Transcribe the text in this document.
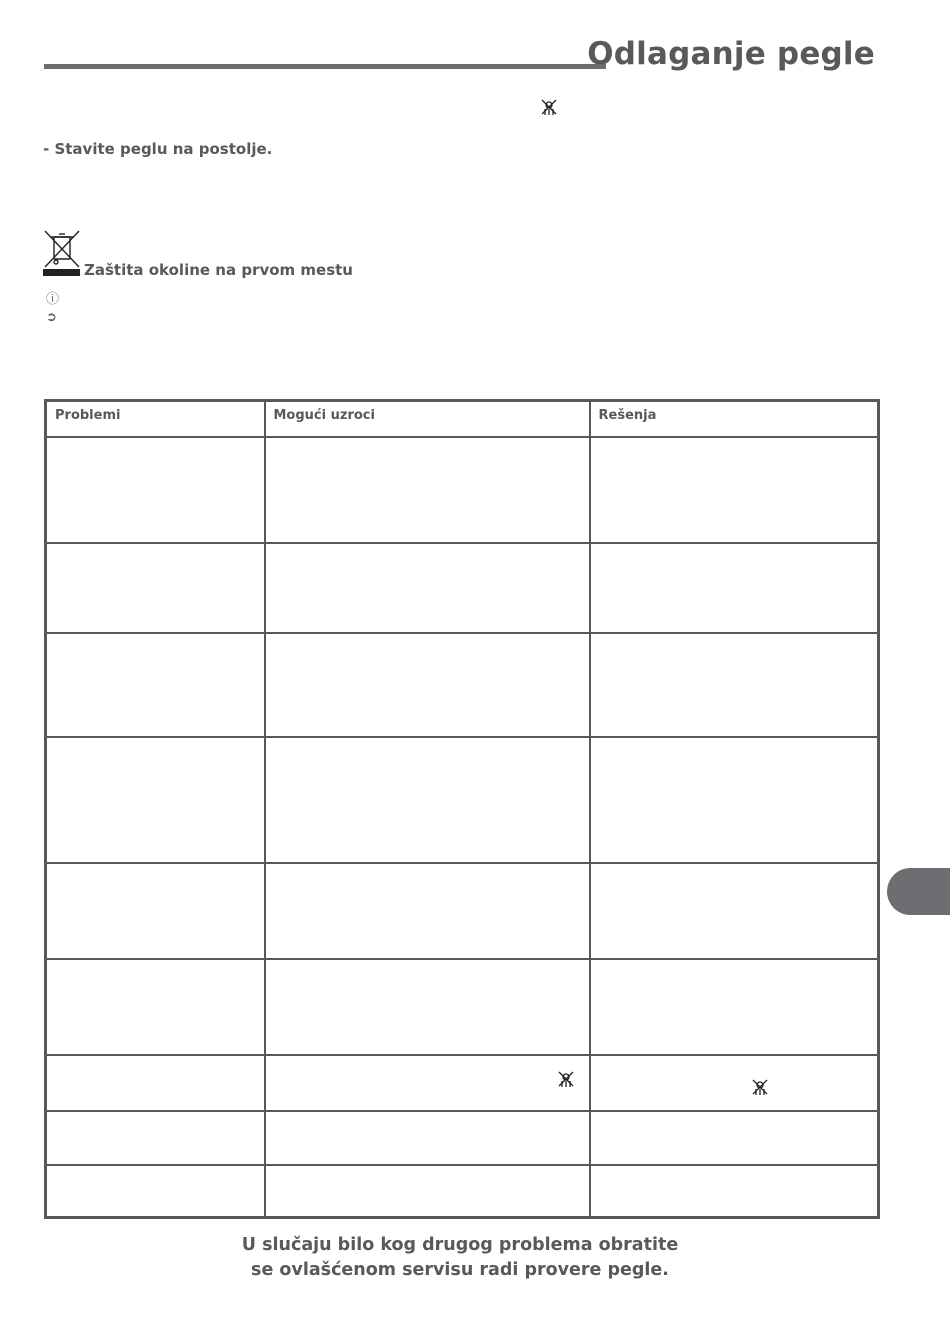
Odlaganje pegle
- Stavite peglu na postolje.
Zaštita okoline na prvom mestu
ⓘ
➲
Problemi	Mogući uzroci	Rešenja

U slučaju bilo kog drugog problema obratite
se ovlašćenom servisu radi provere pegle.
